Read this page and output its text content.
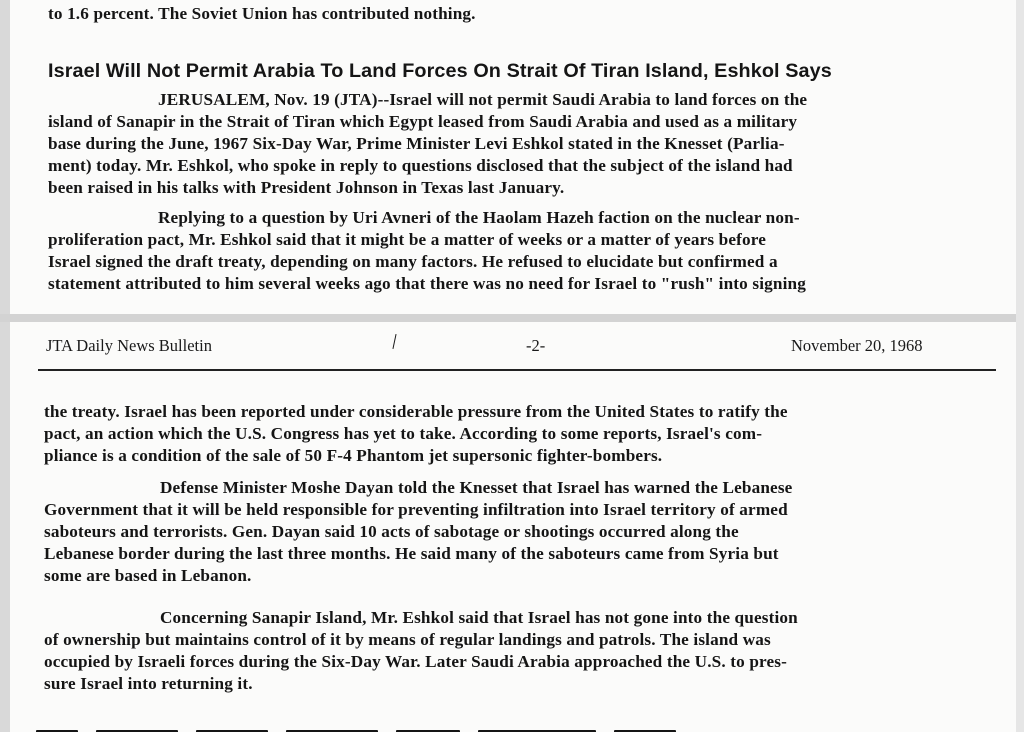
to 1.6 percent. The Soviet Union has contributed nothing.
Israel Will Not Permit Arabia To Land Forces On Strait Of Tiran Island, Eshkol Says
JERUSALEM, Nov. 19 (JTA)--Israel will not permit Saudi Arabia to land forces on the
island of Sanapir in the Strait of Tiran which Egypt leased from Saudi Arabia and used as a military
base during the June, 1967 Six-Day War, Prime Minister Levi Eshkol stated in the Knesset (Parlia-
ment) today. Mr. Eshkol, who spoke in reply to questions disclosed that the subject of the island had
been raised in his talks with President Johnson in Texas last January.
Replying to a question by Uri Avneri of the Haolam Hazeh faction on the nuclear non-
proliferation pact, Mr. Eshkol said that it might be a matter of weeks or a matter of years before
Israel signed the draft treaty, depending on many factors. He refused to elucidate but confirmed a
statement attributed to him several weeks ago that there was no need for Israel to "rush" into signing
JTA Daily News Bulletin	-2-	November 20, 1968
the treaty. Israel has been reported under considerable pressure from the United States to ratify the
pact, an action which the U.S. Congress has yet to take. According to some reports, Israel's com-
pliance is a condition of the sale of 50 F-4 Phantom jet supersonic fighter-bombers.
Defense Minister Moshe Dayan told the Knesset that Israel has warned the Lebanese
Government that it will be held responsible for preventing infiltration into Israel territory of armed
saboteurs and terrorists. Gen. Dayan said 10 acts of sabotage or shootings occurred along the
Lebanese border during the last three months. He said many of the saboteurs came from Syria but
some are based in Lebanon.
Concerning Sanapir Island, Mr. Eshkol said that Israel has not gone into the question
of ownership but maintains control of it by means of regular landings and patrols. The island was
occupied by Israeli forces during the Six-Day War. Later Saudi Arabia approached the U.S. to pres-
sure Israel into returning it.
